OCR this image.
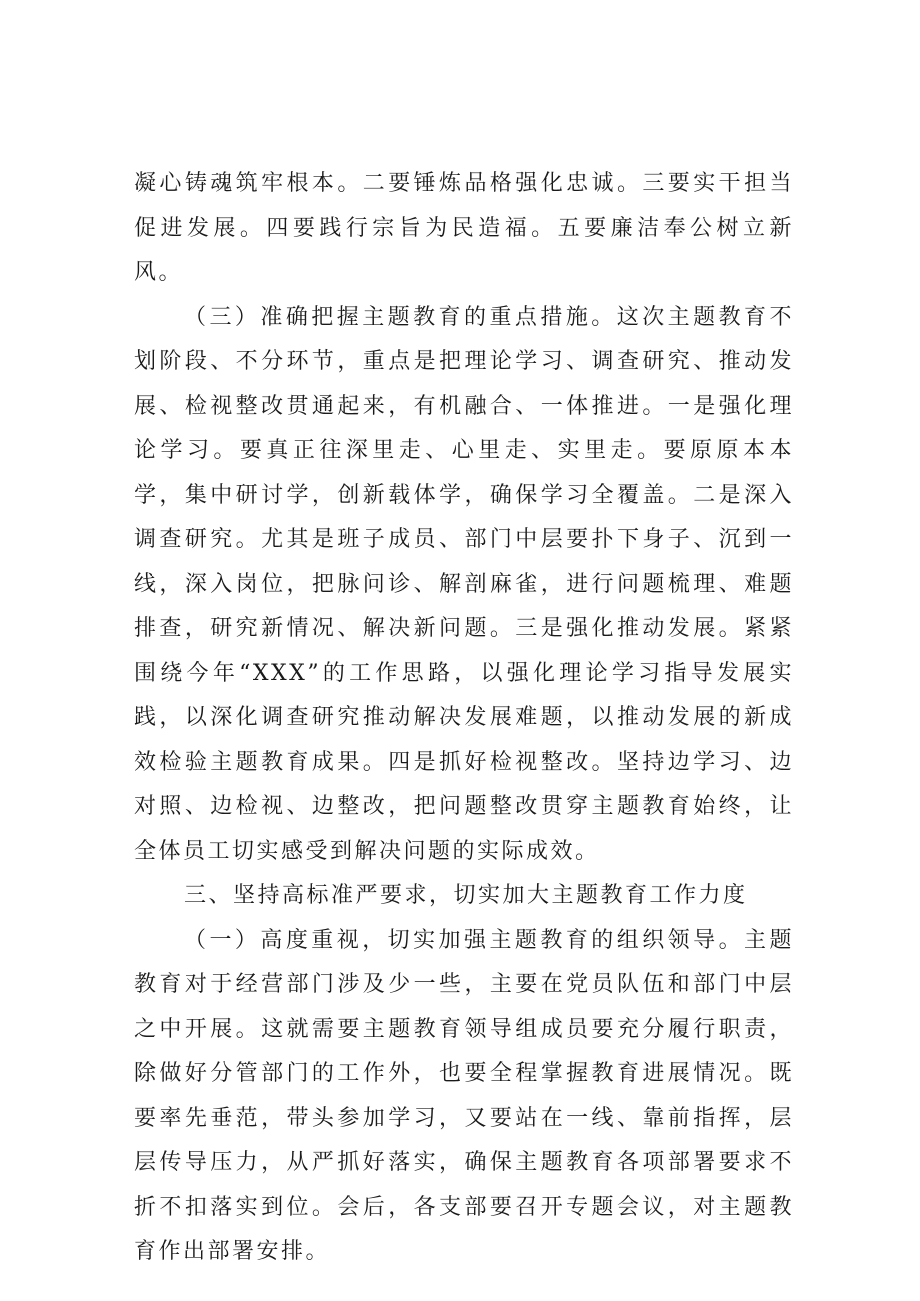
凝心铸魂筑牢根本。二要锤炼品格强化忠诚。三要实干担当促进发展。四要践行宗旨为民造福。五要廉洁奉公树立新风。

（三）准确把握主题教育的重点措施。这次主题教育不划阶段、不分环节，重点是把理论学习、调查研究、推动发展、检视整改贯通起来，有机融合、一体推进。一是强化理论学习。要真正往深里走、心里走、实里走。要原原本本学，集中研讨学，创新载体学，确保学习全覆盖。二是深入调查研究。尤其是班子成员、部门中层要扑下身子、沉到一线，深入岗位，把脉问诊、解剖麻雀，进行问题梳理、难题排查，研究新情况、解决新问题。三是强化推动发展。紧紧围绕今年“XXX”的工作思路，以强化理论学习指导发展实践，以深化调查研究推动解决发展难题，以推动发展的新成效检验主题教育成果。四是抓好检视整改。坚持边学习、边对照、边检视、边整改，把问题整改贯穿主题教育始终，让全体员工切实感受到解决问题的实际成效。

三、坚持高标准严要求，切实加大主题教育工作力度

（一）高度重视，切实加强主题教育的组织领导。主题教育对于经营部门涉及少一些，主要在党员队伍和部门中层之中开展。这就需要主题教育领导组成员要充分履行职责，除做好分管部门的工作外，也要全程掌握教育进展情况。既要率先垂范，带头参加学习，又要站在一线、靠前指挥，层层传导压力，从严抓好落实，确保主题教育各项部署要求不折不扣落实到位。会后，各支部要召开专题会议，对主题教育作出部署安排。
